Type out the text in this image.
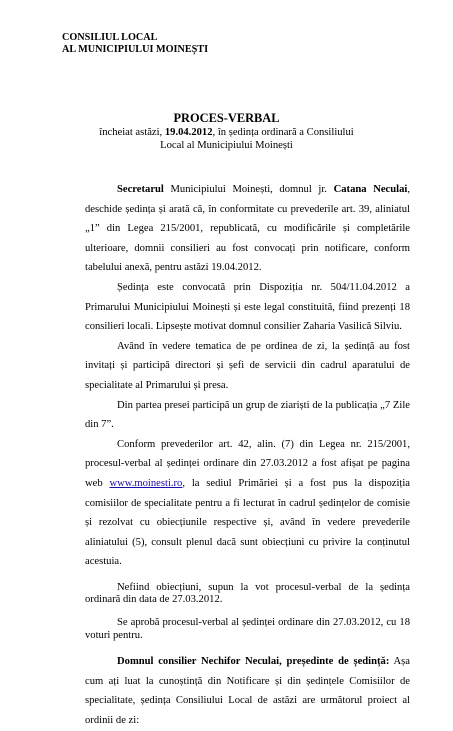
CONSILIUL LOCAL
AL MUNICIPIULUI MOINEȘTI
PROCES-VERBAL
încheiat astăzi, 19.04.2012, în ședința ordinară a Consiliului
Local al Municipiului Moinești

Secretarul Municipiului Moinești, domnul jr. Catana Neculai, deschide ședința și arată că, în conformitate cu prevederile art. 39, aliniatul „1” din Legea 215/2001, republicată, cu modificările și completările ulterioare, domnii consilieri au fost convocați prin notificare, conform tabelului anexă, pentru astăzi 19.04.2012.

Ședința este convocată prin Dispoziția nr. 504/11.04.2012 a Primarului Municipiului Moinești și este legal constituită, fiind prezenți 18 consilieri locali. Lipsește motivat domnul consilier Zaharia Vasilică Silviu.

Având în vedere tematica de pe ordinea de zi, la ședință au fost invitați și participă directori și șefi de servicii din cadrul aparatului de specialitate al Primarului și presa.

Din partea presei participă un grup de ziariști de la publicația „7 Zile din 7”.

Conform prevederilor art. 42, alin. (7) din Legea nr. 215/2001, procesul-verbal al ședinței ordinare din 27.03.2012 a fost afișat pe pagina web www.moinesti.ro, la sediul Primăriei și a fost pus la dispoziția comisiilor de specialitate pentru a fi lecturat în cadrul ședințelor de comisie și rezolvat cu obiecțiunile respective și, având în vedere prevederile aliniatului (5), consult plenul dacă sunt obiecțiuni cu privire la conținutul acestuia.

Nefiind obiecțiuni, supun la vot procesul-verbal de la ședința ordinară din data de 27.03.2012.

Se aprobă procesul-verbal al ședinței ordinare din 27.03.2012, cu 18 voturi pentru.

Domnul consilier Nechifor Neculai, președinte de ședință: Așa cum ați luat la cunoștință din Notificare și din ședințele Comisiilor de specialitate, ședința Consiliului Local de astăzi are următorul proiect al ordinii de zi:
